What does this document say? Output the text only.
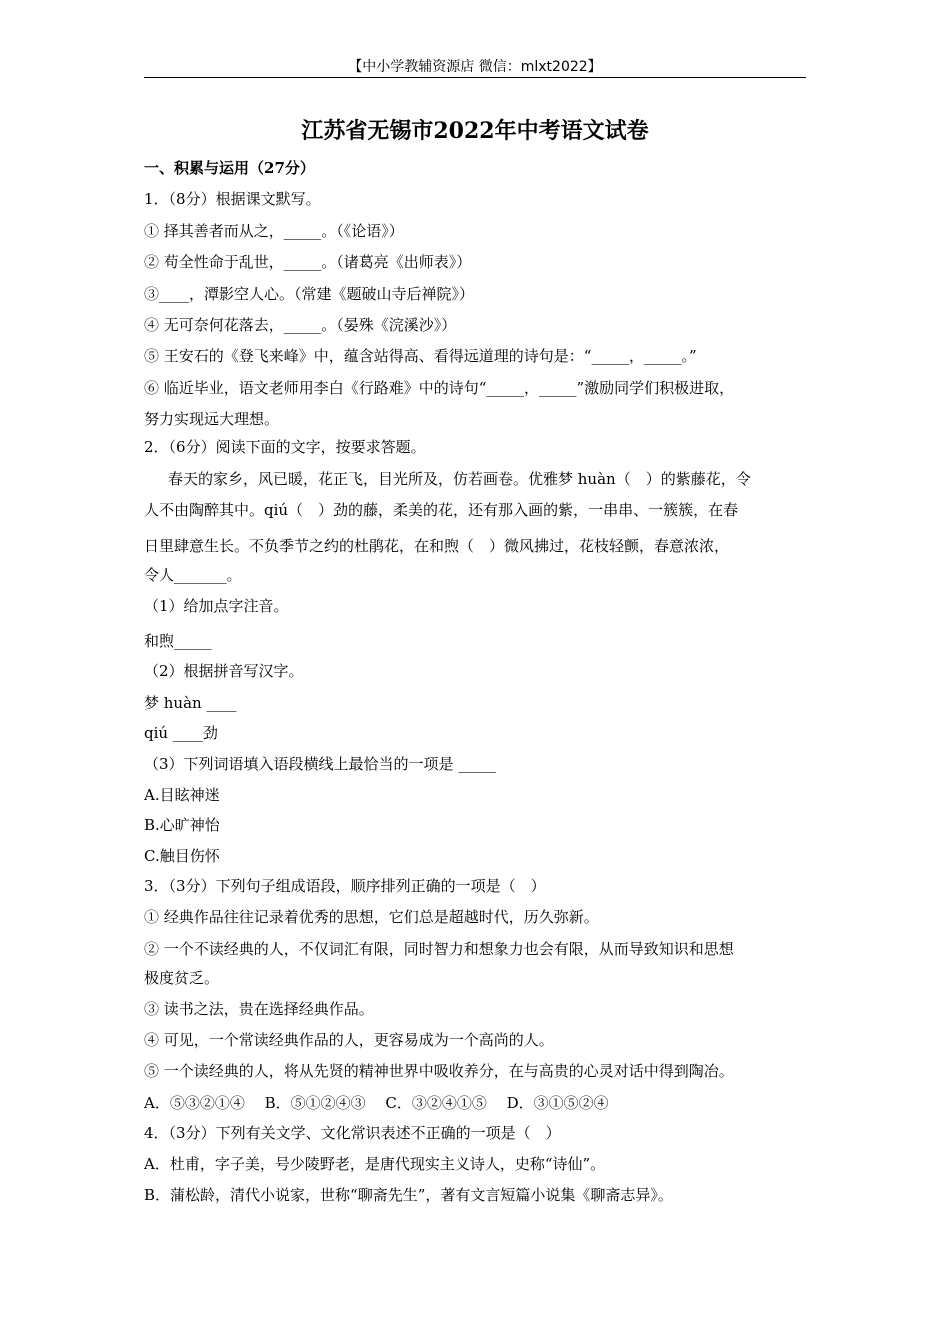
【中小学教辅资源店 微信：mlxt2022】
江苏省无锡市2022年中考语文试卷
一、积累与运用（27分）
1．（8分）根据课文默写。
① 择其善者而从之，_____。（《论语》）
② 苟全性命于乱世，_____。（诸葛亮《出师表》）
③____，潭影空人心。（常建《题破山寺后禅院》）
④ 无可奈何花落去，_____。（晏殊《浣溪沙》）
⑤ 王安石的《登飞来峰》中，蕴含站得高、看得远道理的诗句是：“_____，_____。”
⑥ 临近毕业，语文老师用李白《行路难》中的诗句“_____，_____”激励同学们积极进取，
努力实现远大理想。
2．（6分）阅读下面的文字，按要求答题。
春天的家乡，风已暖，花正飞，目光所及，仿若画卷。优雅梦 huàn（　）的紫藤花，令
人不由陶醉其中。qiú（　）劲的藤，柔美的花，还有那入画的紫，一串串、一簇簇，在春
日里肆意生长。不负季节之约的杜鹃花，在和煦（　）微风拂过，花枝轻颤，春意浓浓，
令人_______。
（1）给加点字注音。
和煦_____
（2）根据拼音写汉字。
梦 huàn ____
qiú ____劲
（3）下列词语填入语段横线上最恰当的一项是 _____
A.目眩神迷
B.心旷神怡
C.触目伤怀
3．（3分）下列句子组成语段，顺序排列正确的一项是（　）
① 经典作品往往记录着优秀的思想，它们总是超越时代，历久弥新。
② 一个不读经典的人，不仅词汇有限，同时智力和想象力也会有限，从而导致知识和思想
极度贫乏。
③ 读书之法，贵在选择经典作品。
④ 可见，一个常读经典作品的人，更容易成为一个高尚的人。
⑤ 一个读经典的人，将从先贤的精神世界中吸收养分，在与高贵的心灵对话中得到陶冶。
A．⑤③②①④　 B．⑤①②④③　 C．③②④①⑤　 D．③①⑤②④
4．（3分）下列有关文学、文化常识表述不正确的一项是（　）
A．杜甫，字子美，号少陵野老，是唐代现实主义诗人，史称“诗仙”。
B．蒲松龄，清代小说家，世称“聊斋先生”，著有文言短篇小说集《聊斋志异》。
